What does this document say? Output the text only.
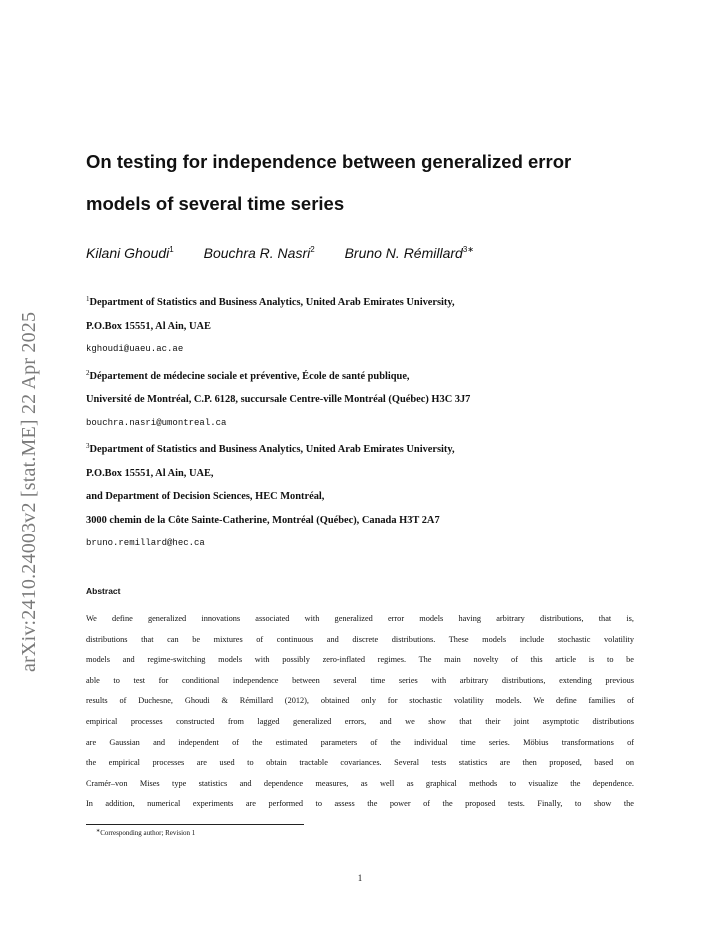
arXiv:2410.24003v2 [stat.ME] 22 Apr 2025
On testing for independence between generalized error
models of several time series
Kilani Ghoudi$^1$ Bouchra R. Nasri$^2$ Bruno N. Rémillard$^{3∗}$
$^1$Department of Statistics and Business Analytics, United Arab Emirates University,
P.O.Box 15551, Al Ain, UAE
kghoudi@uaeu.ac.ae
$^2$Département de médecine sociale et préventive, École de santé publique,
Université de Montréal, C.P. 6128, succursale Centre-ville Montréal (Québec) H3C 3J7
bouchra.nasri@umontreal.ca
$^3$Department of Statistics and Business Analytics, United Arab Emirates University,
P.O.Box 15551, Al Ain, UAE,
and Department of Decision Sciences, HEC Montréal,
3000 chemin de la Côte Sainte-Catherine, Montréal (Québec), Canada H3T 2A7
bruno.remillard@hec.ca
Abstract
We define generalized innovations associated with generalized error models having arbitrary distributions, that is,
distributions that can be mixtures of continuous and discrete distributions. These models include stochastic volatility
models and regime-switching models with possibly zero-inflated regimes. The main novelty of this article is to be
able to test for conditional independence between several time series with arbitrary distributions, extending previous
results of Duchesne, Ghoudi & Rémillard (2012), obtained only for stochastic volatility models. We define families of
empirical processes constructed from lagged generalized errors, and we show that their joint asymptotic distributions
are Gaussian and independent of the estimated parameters of the individual time series. Möbius transformations of
the empirical processes are used to obtain tractable covariances. Several tests statistics are then proposed, based on
Cramér–von Mises type statistics and dependence measures, as well as graphical methods to visualize the dependence.
In addition, numerical experiments are performed to assess the power of the proposed tests. Finally, to show the
∗Corresponding author; Revision 1
1
